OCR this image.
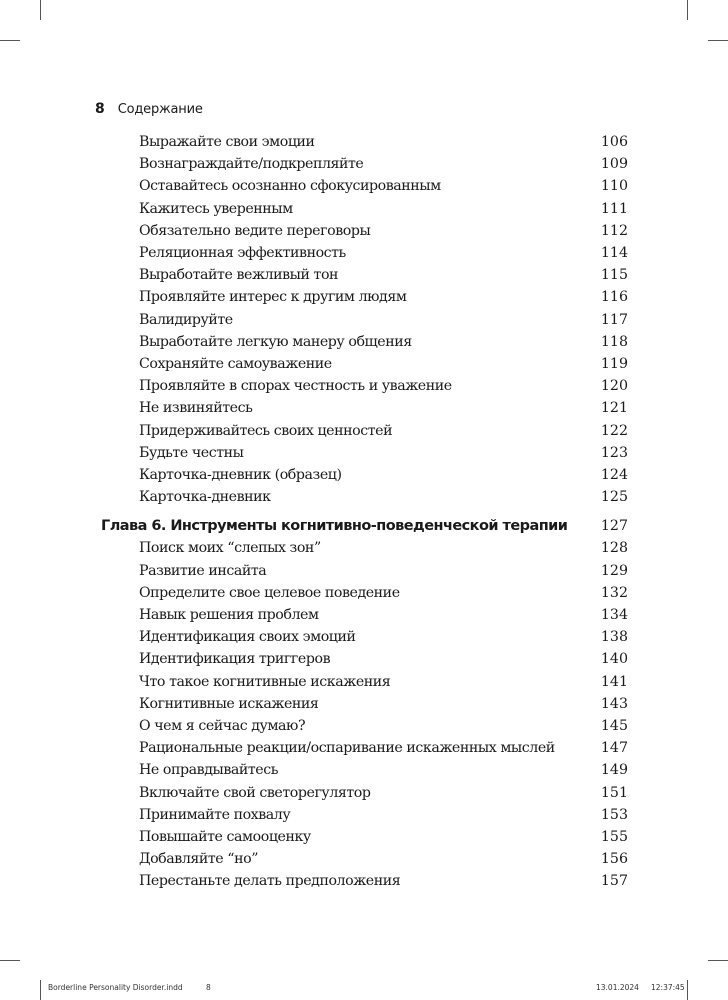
8 Содержание
Выражайте свои эмоции	106
Вознаграждайте/подкрепляйте	109
Оставайтесь осознанно сфокусированным	110
Кажитесь уверенным	111
Обязательно ведите переговоры	112
Реляционная эффективность	114
Выработайте вежливый тон	115
Проявляйте интерес к другим людям	116
Валидируйте	117
Выработайте легкую манеру общения	118
Сохраняйте самоуважение	119
Проявляйте в спорах честность и уважение	120
Не извиняйтесь	121
Придерживайтесь своих ценностей	122
Будьте честны	123
Карточка-дневник (образец)	124
Карточка-дневник	125
Глава 6. Инструменты когнитивно-поведенческой терапии 127
Поиск моих “слепых зон”	128
Развитие инсайта	129
Определите свое целевое поведение	132
Навык решения проблем	134
Идентификация своих эмоций	138
Идентификация триггеров	140
Что такое когнитивные искажения	141
Когнитивные искажения	143
О чем я сейчас думаю?	145
Рациональные реакции/оспаривание искаженных мыслей	147
Не оправдывайтесь	149
Включайте свой светорегулятор	151
Принимайте похвалу	153
Повышайте самооценку	155
Добавляйте “но”	156
Перестаньте делать предположения	157
Borderline Personality Disorder.indd	8	13.01.2024 12:37:45
